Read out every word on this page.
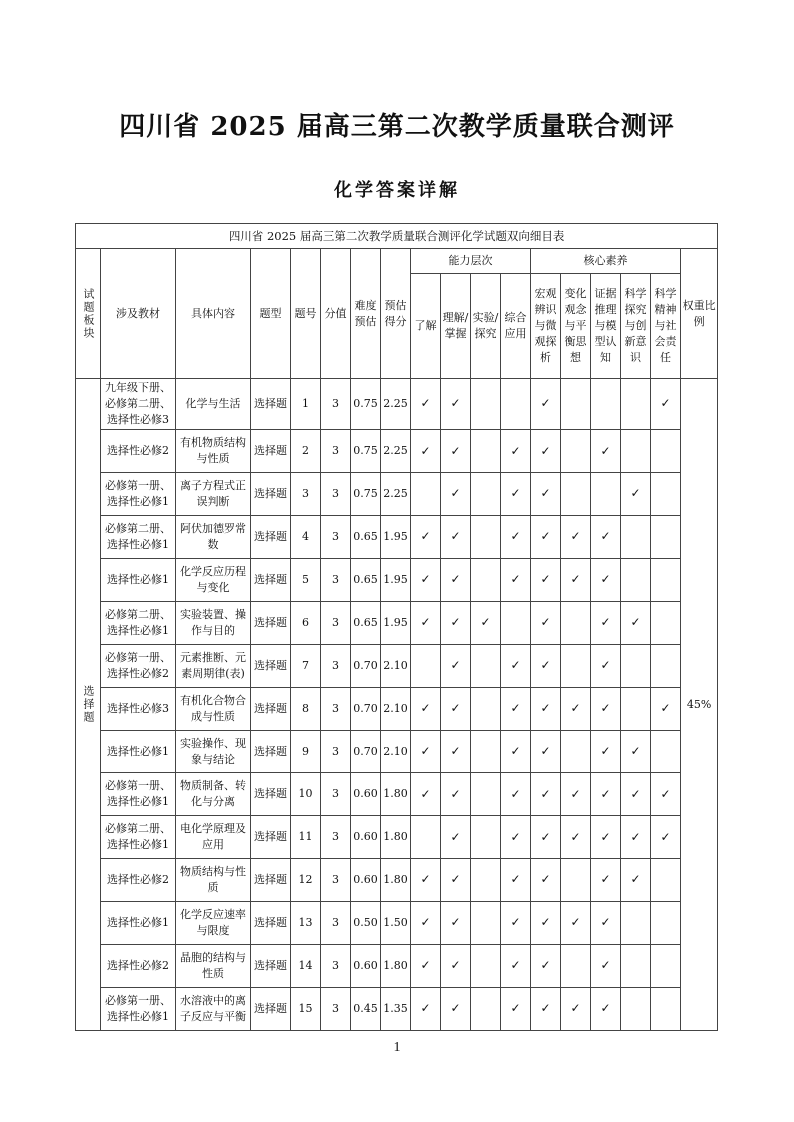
四川省 2025 届高三第二次教学质量联合测评
化学答案详解
四川省 2025 届高三第二次教学质量联合测评化学试题双向细目表																	

试题板块	涉及教材	具体内容	题型	题号	分值	难度预估	预估得分	能力层次				核心素养					权重比例
								了解	理解/掌握	实验/探究	综合应用	宏观辨识与微观探析	变化观念与平衡思想	证据推理与模型认知	科学探究与创新意识	科学精神与社会责任	

选择题	九年级下册、必修第二册、选择性必修3	化学与生活	选择题	1	3	0.75	2.25	✓	✓			✓				✓	45%
	选择性必修2	有机物质结构与性质	选择题	2	3	0.75	2.25	✓	✓		✓	✓		✓			
	必修第一册、选择性必修1	离子方程式正误判断	选择题	3	3	0.75	2.25		✓		✓	✓			✓		
	必修第二册、选择性必修1	阿伏加德罗常数	选择题	4	3	0.65	1.95	✓	✓		✓	✓	✓	✓			
	选择性必修1	化学反应历程与变化	选择题	5	3	0.65	1.95	✓	✓		✓	✓	✓	✓			
	必修第二册、选择性必修1	实验装置、操作与目的	选择题	6	3	0.65	1.95	✓	✓	✓		✓		✓	✓		
	必修第一册、选择性必修2	元素推断、元素周期律(表)	选择题	7	3	0.70	2.10		✓		✓	✓		✓			
	选择性必修3	有机化合物合成与性质	选择题	8	3	0.70	2.10	✓	✓		✓	✓	✓	✓		✓	
	选择性必修1	实验操作、现象与结论	选择题	9	3	0.70	2.10	✓	✓		✓	✓		✓	✓		
	必修第一册、选择性必修1	物质制备、转化与分离	选择题	10	3	0.60	1.80	✓	✓		✓	✓	✓	✓	✓	✓	
	必修第二册、选择性必修1	电化学原理及应用	选择题	11	3	0.60	1.80		✓		✓	✓	✓	✓	✓	✓	
	选择性必修2	物质结构与性质	选择题	12	3	0.60	1.80	✓	✓		✓	✓		✓	✓		
	选择性必修1	化学反应速率与限度	选择题	13	3	0.50	1.50	✓	✓		✓	✓	✓	✓			
	选择性必修2	晶胞的结构与性质	选择题	14	3	0.60	1.80	✓	✓		✓	✓		✓			
	必修第一册、选择性必修1	水溶液中的离子反应与平衡	选择题	15	3	0.45	1.35	✓	✓		✓	✓	✓	✓			
1
